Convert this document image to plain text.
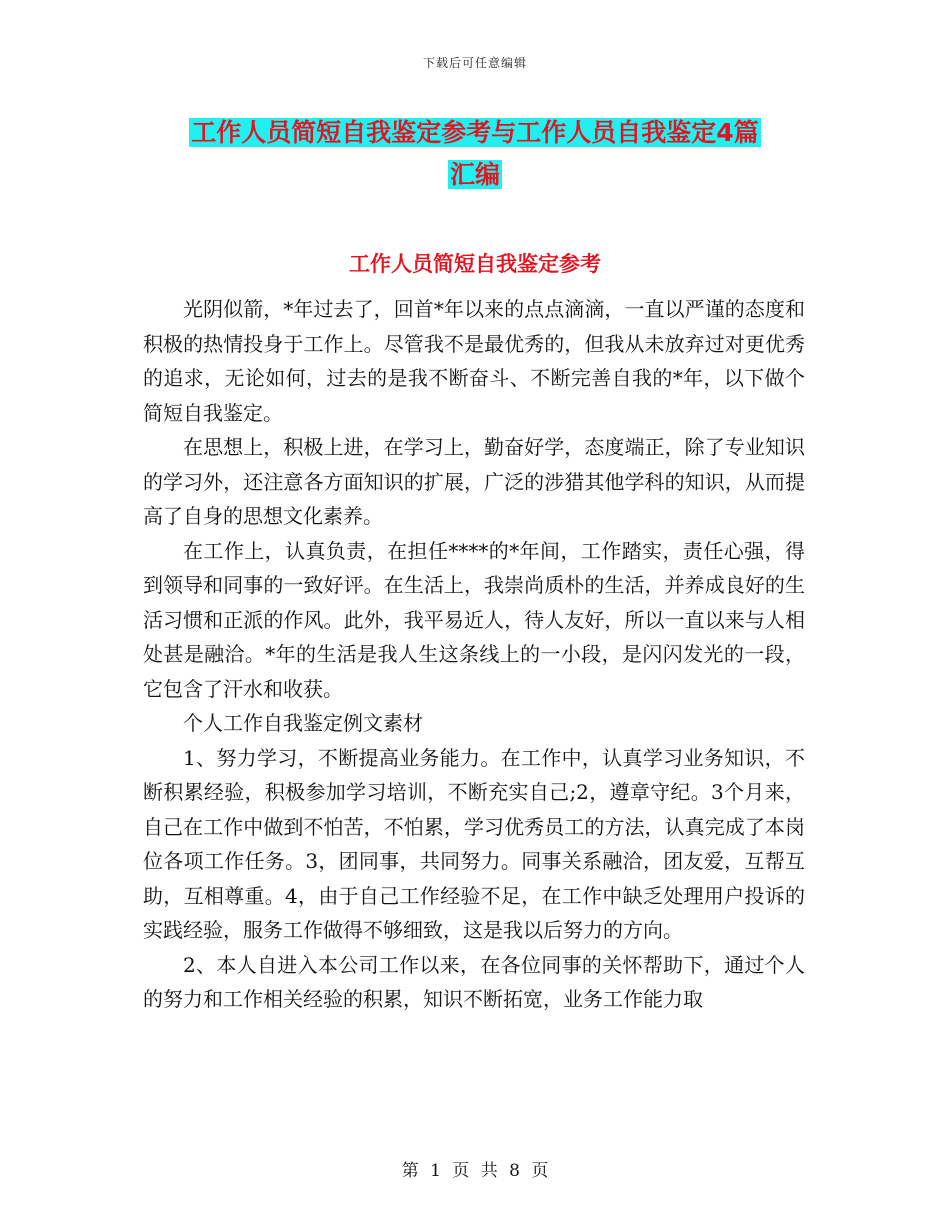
下载后可任意编辑
工作人员简短自我鉴定参考与工作人员自我鉴定4篇
汇编
工作人员简短自我鉴定参考

光阴似箭，*年过去了，回首*年以来的点点滴滴，一直以严谨的态度和积极的热情投身于工作上。尽管我不是最优秀的，但我从未放弃过对更优秀的追求，无论如何，过去的是我不断奋斗、不断完善自我的*年，以下做个简短自我鉴定。

在思想上，积极上进，在学习上，勤奋好学，态度端正，除了专业知识的学习外，还注意各方面知识的扩展，广泛的涉猎其他学科的知识，从而提高了自身的思想文化素养。

在工作上，认真负责，在担任****的*年间，工作踏实，责任心强，得到领导和同事的一致好评。在生活上，我崇尚质朴的生活，并养成良好的生活习惯和正派的作风。此外，我平易近人，待人友好，所以一直以来与人相处甚是融洽。*年的生活是我人生这条线上的一小段，是闪闪发光的一段，它包含了汗水和收获。

个人工作自我鉴定例文素材

1、努力学习，不断提高业务能力。在工作中，认真学习业务知识，不断积累经验，积极参加学习培训，不断充实自己;2，遵章守纪。3个月来，自己在工作中做到不怕苦，不怕累，学习优秀员工的方法，认真完成了本岗位各项工作任务。3，团同事，共同努力。同事关系融洽，团友爱，互帮互助，互相尊重。4，由于自己工作经验不足，在工作中缺乏处理用户投诉的实践经验，服务工作做得不够细致，这是我以后努力的方向。

2、本人自进入本公司工作以来，在各位同事的关怀帮助下，通过个人的努力和工作相关经验的积累，知识不断拓宽，业务工作能力取

第 1 页 共 8 页
